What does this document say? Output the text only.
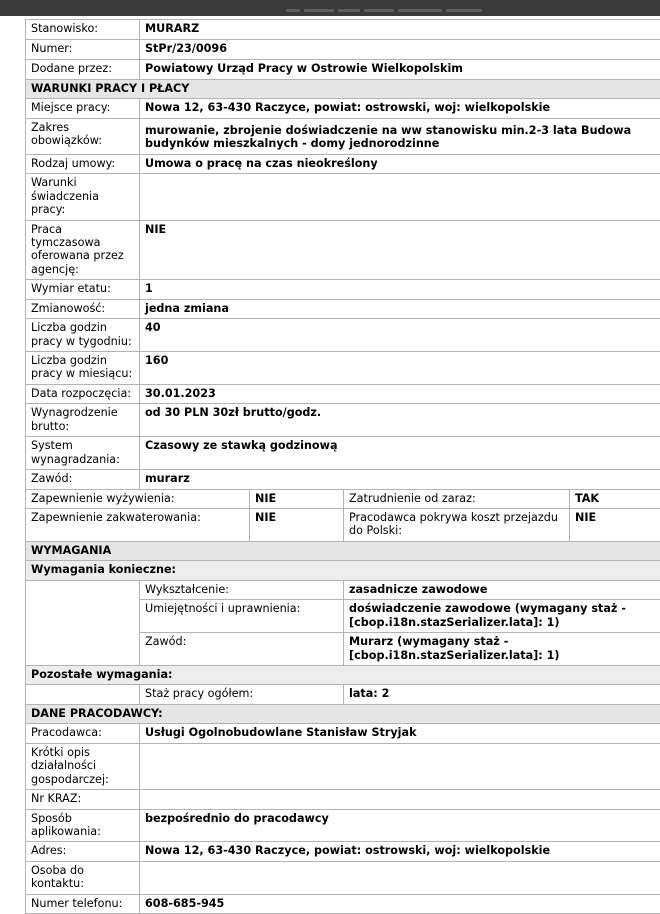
Stanowisko:	MURARZ			
Numer:	StPr/23/0096			
Dodane przez:	Powiatowy Urząd Pracy w Ostrowie Wielkopolskim			
WARUNKI PRACY I PŁACY				
Miejsce pracy:	Nowa 12, 63-430 Raczyce, powiat: ostrowski, woj: wielkopolskie			
Zakres obowiązków:	murowanie, zbrojenie doświadczenie na ww stanowisku min.2-3 lata Budowa budynków mieszkalnych - domy jednorodzinne			
Rodzaj umowy:	Umowa o pracę na czas nieokreślony			
Warunki świadczenia pracy:				
Praca tymczasowa oferowana przez agencję:	NIE			
Wymiar etatu:	1			
Zmianowość:	jedna zmiana			
Liczba godzin pracy w tygodniu:	40			
Liczba godzin pracy w miesiącu:	160			
Data rozpoczęcia:	30.01.2023			
Wynagrodzenie brutto:	od 30 PLN 30zł brutto/godz.			
System wynagradzania:	Czasowy ze stawką godzinową			
Zawód:	murarz			
Zapewnienie wyżywienia:		NIE	Zatrudnienie od zaraz:	TAK
Zapewnienie zakwaterowania:		NIE	Pracodawca pokrywa koszt przejazdu do Polski:	NIE
WYMAGANIA				
Wymagania konieczne:				
	Wykształcenie:		zasadnicze zawodowe	
	Umiejętności i uprawnienia:		doświadczenie zawodowe (wymagany staż - [cbop.i18n.stazSerializer.lata]: 1)	
	Zawód:		Murarz (wymagany staż - [cbop.i18n.stazSerializer.lata]: 1)	
Pozostałe wymagania:				
	Staż pracy ogółem:		lata: 2	
DANE PRACODAWCY:				
Pracodawca:	Usługi Ogolnobudowlane Stanisław Stryjak			
Krótki opis działalności gospodarczej:				
Nr KRAZ:				
Sposób aplikowania:	bezpośrednio do pracodawcy			
Adres:	Nowa 12, 63-430 Raczyce, powiat: ostrowski, woj: wielkopolskie			
Osoba do kontaktu:				
Numer telefonu:	608-685-945			
